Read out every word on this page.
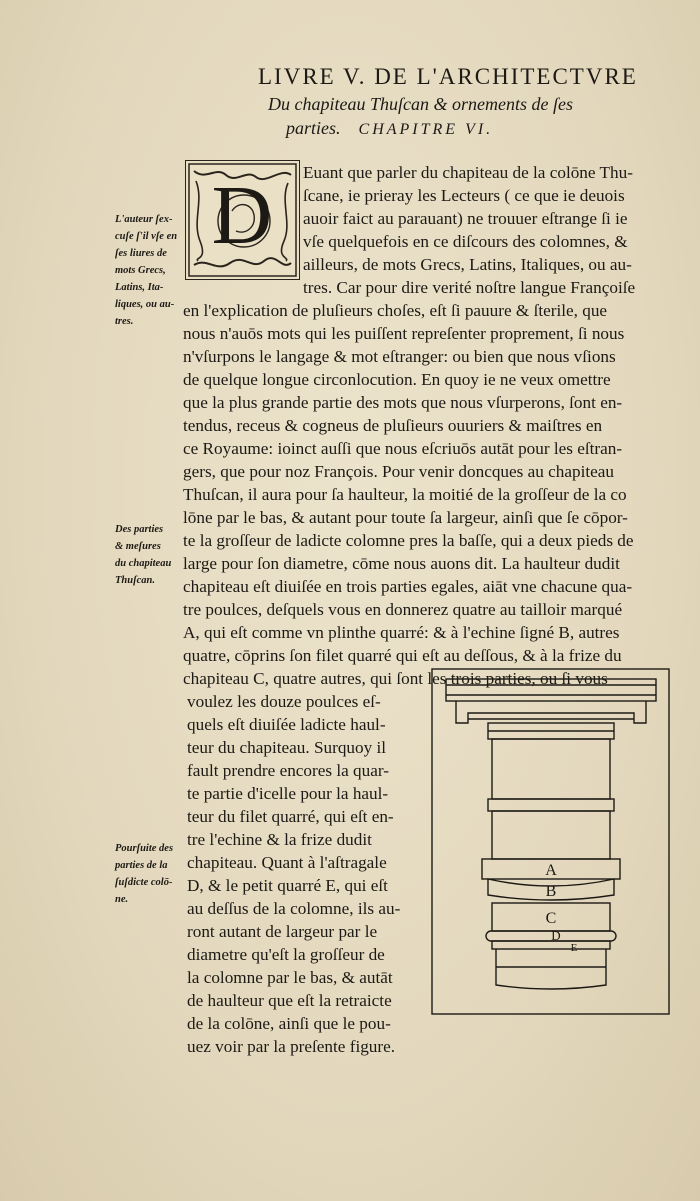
LIVRE V. DE L'ARCHITECTVRE
Du chapiteau Thuſcan & ornements de ſes
parties. CHAPITRE VI.
D Euant que parler du chapiteau de la colōne Thu-
ſcane, ie prieray les Lecteurs ( ce que ie deuois
auoir faict au parauant) ne trouuer eſtrange ſi ie
vſe quelquefois en ce diſcours des colomnes, &
ailleurs, de mots Grecs, Latins, Italiques, ou au-
tres. Car pour dire verité noſtre langue Françoiſe
en l'explication de pluſieurs choſes, eſt ſi pauure & ſterile, que
nous n'auōs mots qui les puiſſent repreſenter proprement, ſi nous
n'vſurpons le langage & mot eſtranger: ou bien que nous vſions
de quelque longue circonlocution. En quoy ie ne veux omettre
que la plus grande partie des mots que nous vſurperons, ſont en-
tendus, receus & cogneus de pluſieurs ouuriers & maiſtres en
ce Royaume: ioinct auſſi que nous eſcriuōs autāt pour les eſtran-
gers, que pour noz François. Pour venir doncques au chapiteau
Thuſcan, il aura pour ſa haulteur, la moitié de la groſſeur de la co
lōne par le bas, & autant pour toute ſa largeur, ainſi que ſe cōpor-
te la groſſeur de ladicte colomne pres la baſſe, qui a deux pieds de
large pour ſon diametre, cōme nous auons dit. La haulteur dudit
chapiteau eſt diuiſée en trois parties egales, aiāt vne chacune qua-
tre poulces, deſquels vous en donnerez quatre au tailloir marqué
A, qui eſt comme vn plinthe quarré: & à l'echine ſigné B, autres
quatre, cōprins ſon filet quarré qui eſt au deſſous, & à la frize du
chapiteau C, quatre autres, qui ſont les trois parties, ou ſi vous
voulez les douze poulces eſ-
quels eſt diuiſée ladicte haul-
teur du chapiteau. Surquoy il
fault prendre encores la quar-
te partie d'icelle pour la haul-
teur du filet quarré, qui eſt en-
tre l'echine & la frize dudit
chapiteau. Quant à l'aſtragale
D, & le petit quarré E, qui eſt
au deſſus de la colomne, ils au-
ront autant de largeur par le
diametre qu'eſt la groſſeur de
la colomne par le bas, & autāt
de haulteur que eſt la retraicte
de la colōne, ainſi que le pou-
uez voir par la preſente figure.
L'auteur ſex-
cuſe ſ'il vſe en
ſes liures de
mots Grecs,
Latins, Ita-
liques, ou au-
tres.
Des parties
& meſures
du chapiteau
Thuſcan.
Pourſuite des
parties de la
ſuſdicte colō-
ne.
A
B
C
D
E
